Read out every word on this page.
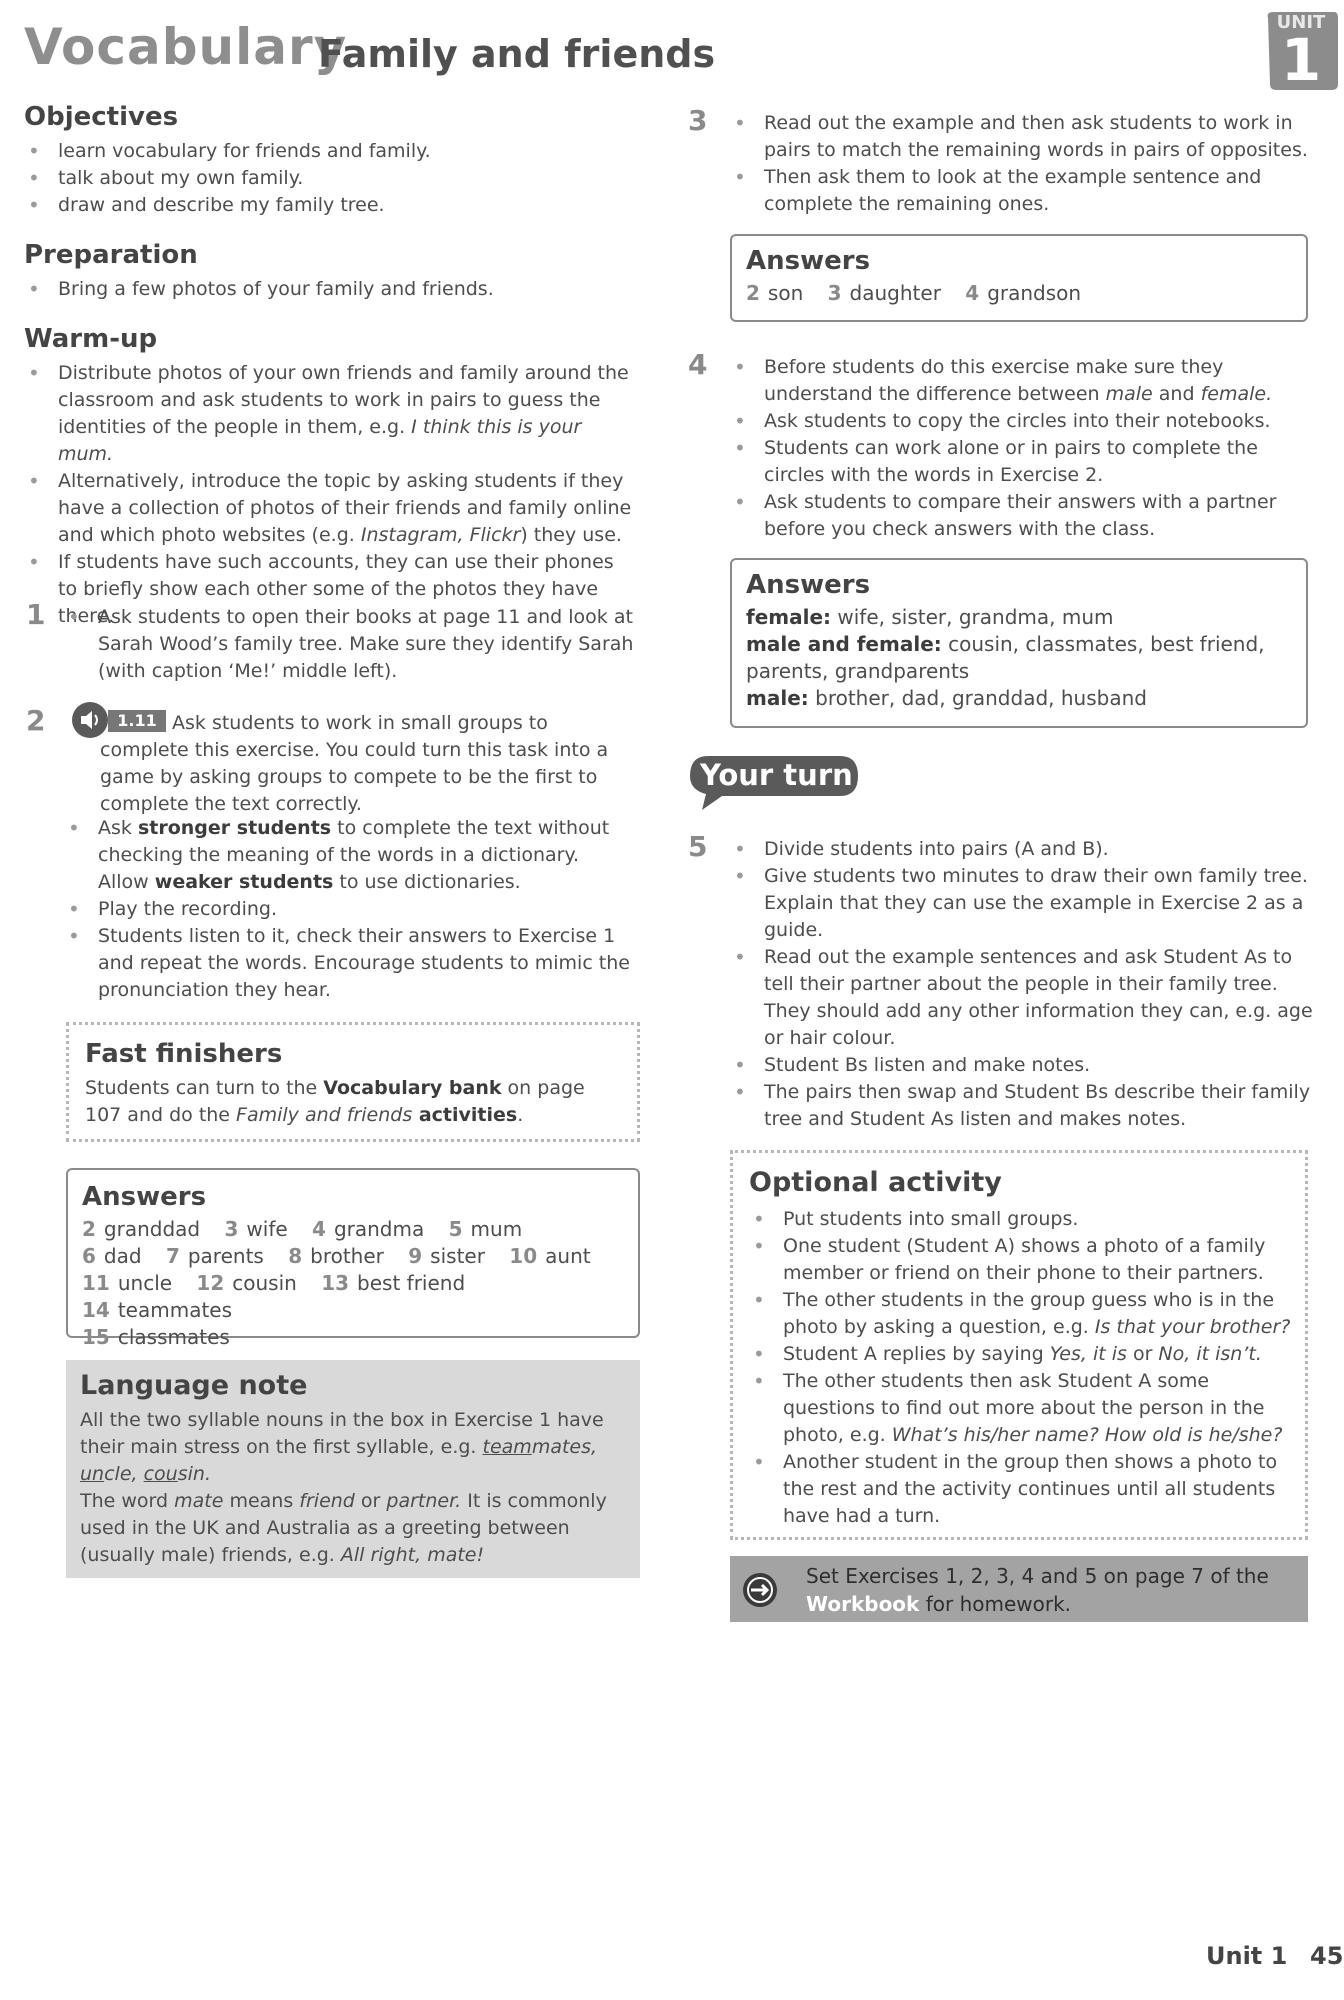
Vocabulary
Family and friends
UNIT
1
Objectives
• learn vocabulary for friends and family.
• talk about my own family.
• draw and describe my family tree.
Preparation
• Bring a few photos of your family and friends.
Warm-up
• Distribute photos of your own friends and family around the classroom and ask students to work in pairs to guess the identities of the people in them, e.g. I think this is your mum.
• Alternatively, introduce the topic by asking students if they have a collection of photos of their friends and family online and which photo websites (e.g. Instagram, Flickr) they use.
• If students have such accounts, they can use their phones to briefly show each other some of the photos they have there.
1	• Ask students to open their books at page 11 and look at Sarah Wood’s family tree. Make sure they identify Sarah (with caption ‘Me!’ middle left).
2	1.11 Ask students to work in small groups to complete this exercise. You could turn this task into a game by asking groups to compete to be the first to complete the text correctly.
• Ask stronger students to complete the text without checking the meaning of the words in a dictionary. Allow weaker students to use dictionaries.
• Play the recording.
• Students listen to it, check their answers to Exercise 1 and repeat the words. Encourage students to mimic the pronunciation they hear.
Fast finishers
Students can turn to the Vocabulary bank on page 107 and do the Family and friends activities.
Answers
2 granddad 3 wife 4 grandma 5 mum
6 dad 7 parents 8 brother 9 sister 10 aunt
11 uncle 12 cousin 13 best friend 14 teammates
15 classmates
Language note
All the two syllable nouns in the box in Exercise 1 have their main stress on the first syllable, e.g. teammates, uncle, cousin.
The word mate means friend or partner. It is commonly used in the UK and Australia as a greeting between (usually male) friends, e.g. All right, mate!
3	• Read out the example and then ask students to work in pairs to match the remaining words in pairs of opposites.
• Then ask them to look at the example sentence and complete the remaining ones.
Answers
2 son 3 daughter 4 grandson
4	• Before students do this exercise make sure they understand the difference between male and female.
• Ask students to copy the circles into their notebooks.
• Students can work alone or in pairs to complete the circles with the words in Exercise 2.
• Ask students to compare their answers with a partner before you check answers with the class.
Answers
female: wife, sister, grandma, mum
male and female: cousin, classmates, best friend, parents, grandparents
male: brother, dad, granddad, husband
Your turn
5	• Divide students into pairs (A and B).
• Give students two minutes to draw their own family tree. Explain that they can use the example in Exercise 2 as a guide.
• Read out the example sentences and ask Student As to tell their partner about the people in their family tree. They should add any other information they can, e.g. age or hair colour.
• Student Bs listen and make notes.
• The pairs then swap and Student Bs describe their family tree and Student As listen and makes notes.
Optional activity
• Put students into small groups.
• One student (Student A) shows a photo of a family member or friend on their phone to their partners.
• The other students in the group guess who is in the photo by asking a question, e.g. Is that your brother?
• Student A replies by saying Yes, it is or No, it isn’t.
• The other students then ask Student A some questions to find out more about the person in the photo, e.g. What’s his/her name? How old is he/she?
• Another student in the group then shows a photo to the rest and the activity continues until all students have had a turn.
Set Exercises 1, 2, 3, 4 and 5 on page 7 of the Workbook for homework.
Unit 1 45
